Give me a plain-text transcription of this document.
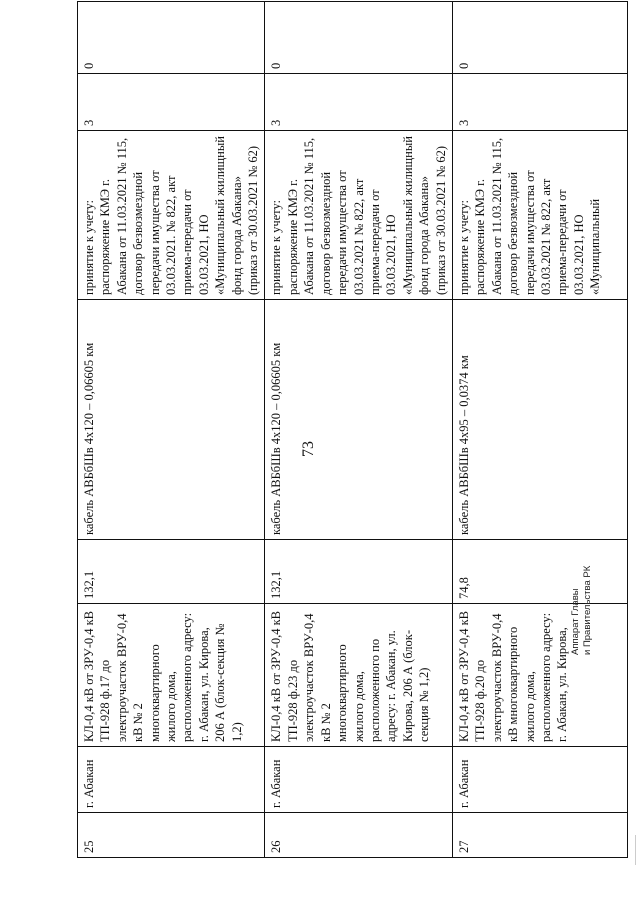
73
25	г. Абакан	КЛ-0,4 кВ от ЗРУ-0,4 кВ ТП-928 ф.17 до электроучасток ВРУ-0,4 кВ № 2 многоквартирного жилого дома, расположенного адресу: г. Абакан, ул. Кирова, 206 А (блок-секция № 1,2)	132,1	кабель АВБбШв 4х120 – 0,06605 км	принятие к учету: распоряжение КМЭ г. Абакана от 11.03.2021 № 115, договор безвозмездной передачи имущества от 03.03.2021. № 822, акт приема-передачи от 03.03.2021, НО «Муниципальный жилищный фонд города Абакана» (приказ от 30.03.2021 № 62)	3	0
26	г. Абакан	КЛ-0,4 кВ от ЗРУ-0,4 кВ ТП-928 ф.23 до электроучасток ВРУ-0,4 кВ № 2 многоквартирного жилого дома, расположенного по адресу: г. Абакан, ул. Кирова, 206 А (блок-секция № 1,2)	132,1	кабель АВБбШв 4х120 – 0,06605 км	принятие к учету: распоряжение КМЭ г. Абакана от 11.03.2021 № 115, договор безвозмездной передачи имущества от 03.03.2021 № 822, акт приема-передачи от 03.03.2021, НО «Муниципальный жилищный фонд города Абакана» (приказ от 30.03.2021 № 62)	3	0
27	г. Абакан	КЛ-0,4 кВ от ЗРУ-0,4 кВ ТП-928 ф.20 до электроучасток ВРУ-0,4 кВ многоквартирного жилого дома, расположенного адресу: г. Абакан, ул. Кирова,	74,8	кабель АВБбШв 4х95 – 0,0374 км	принятие к учету: распоряжение КМЭ г. Абакана от 11.03.2021 № 115, договор безвозмездной передачи имущества от 03.03.2021 № 822, акт приема-передачи от 03.03.2021, НО «Муниципальный	3	0
Аппарат Главы и Правительства РК
